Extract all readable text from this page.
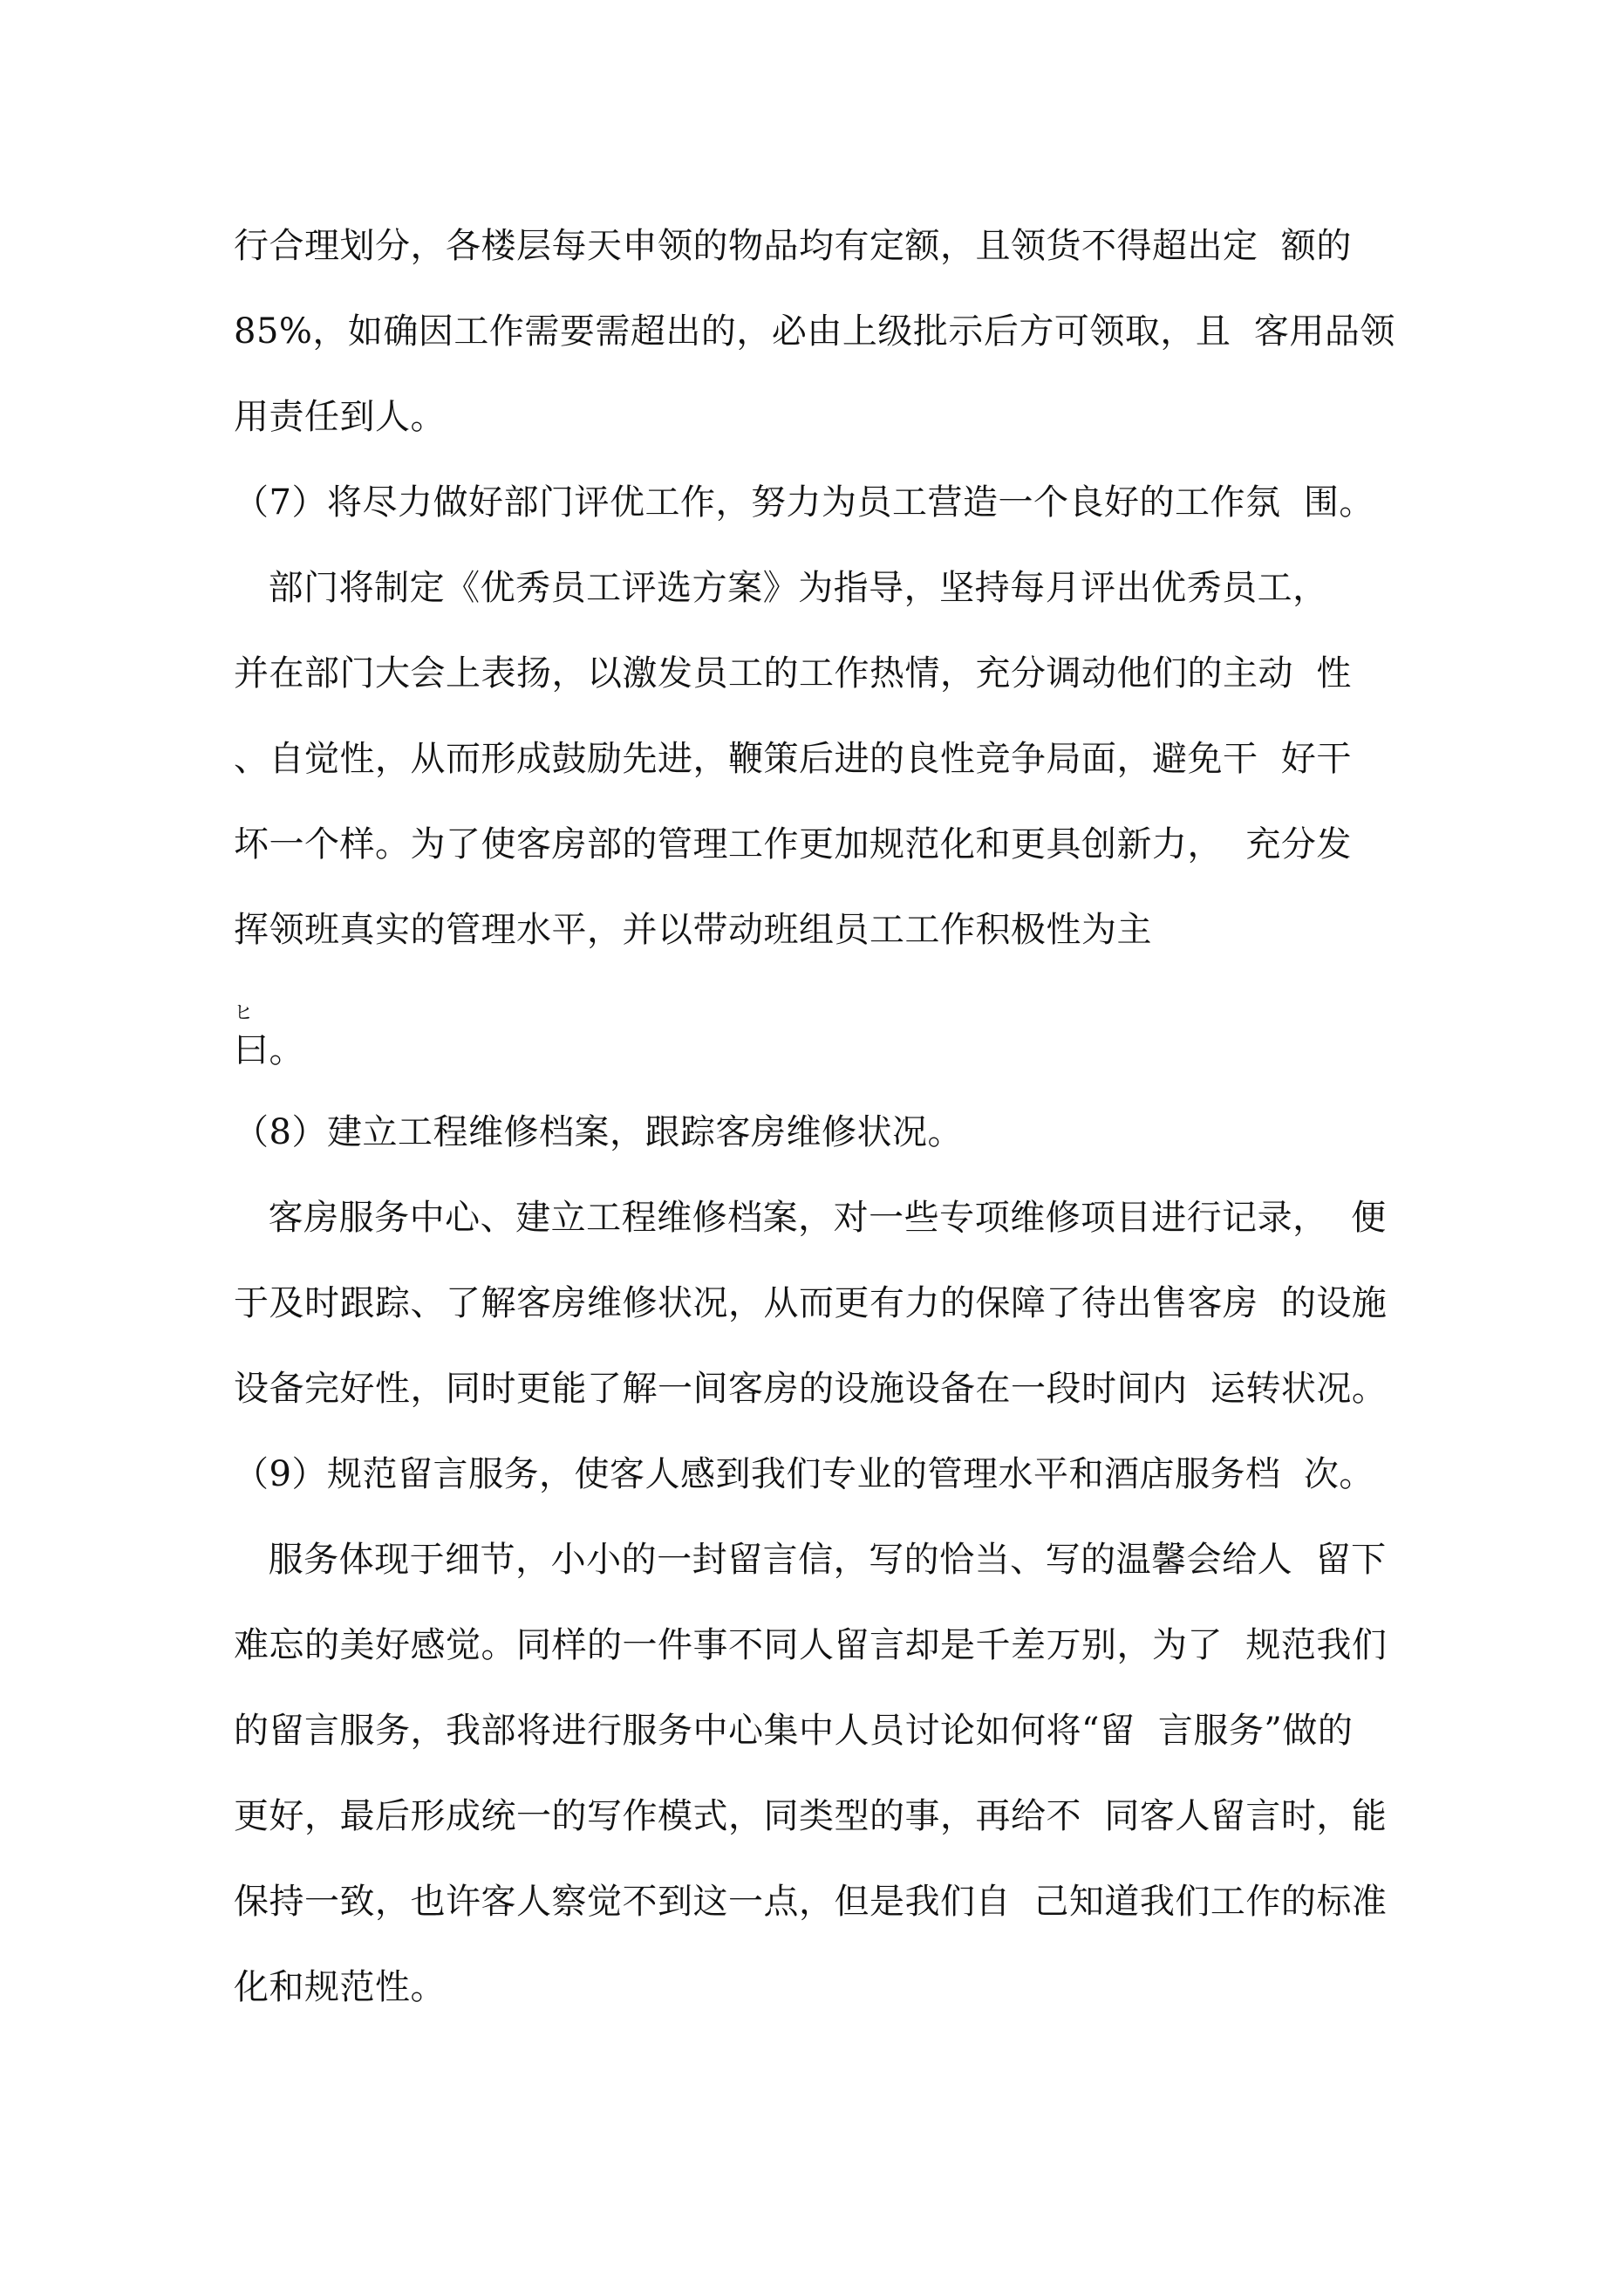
行合理划分，各楼层每天申领的物品均有定额，且领货不得超出定  额的
85%，如确因工作需要需超出的，必由上级批示后方可领取，且  客用品领
用责任到人。
（7）将尽力做好部门评优工作，努力为员工营造一个良好的工作氛  围。
部门将制定《优秀员工评选方案》为指导，坚持每月评出优秀员工，
并在部门大会上表扬，以激发员工的工作热情，充分调动他们的主动  性
、自觉性，从而形成鼓励先进，鞭策后进的良性竞争局面，避免干  好干
坏一个样。为了使客房部的管理工作更加规范化和更具创新力，  充分发
挥领班真实的管理水平，并以带动班组员工工作积极性为主
ヒ
曰。
（8）建立工程维修档案，跟踪客房维修状况。
客房服务中心、建立工程维修档案，对一些专项维修项目进行记录，  便
于及时跟踪、了解客房维修状况，从而更有力的保障了待出售客房  的设施
设备完好性，同时更能了解一间客房的设施设备在一段时间内  运转状况。
（9）规范留言服务，使客人感到我们专业的管理水平和酒店服务档  次。
服务体现于细节，小小的一封留言信，写的恰当、写的温馨会给人  留下
难忘的美好感觉。同样的一件事不同人留言却是千差万别，为了  规范我们
的留言服务，我部将进行服务中心集中人员讨论如何将“留  言服务”做的
更好，最后形成统一的写作模式，同类型的事，再给不  同客人留言时，能
保持一致，也许客人察觉不到这一点，但是我们自  己知道我们工作的标准
化和规范性。
